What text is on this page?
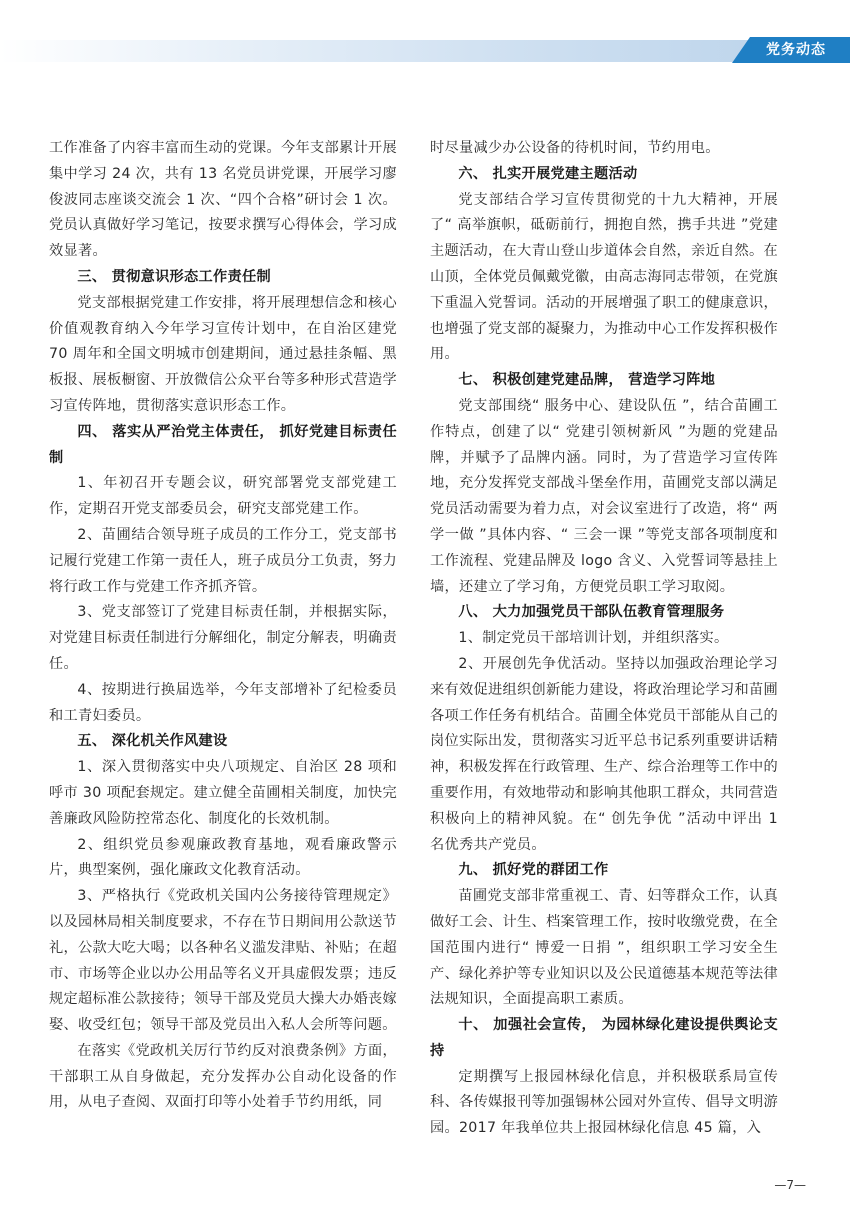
党务动态

工作准备了内容丰富而生动的党课。今年支部累计开展集中学习 24 次，共有 13 名党员讲党课，开展学习廖俊波同志座谈交流会 1 次、“四个合格”研讨会 1 次。党员认真做好学习笔记，按要求撰写心得体会，学习成效显著。

三、 贯彻意识形态工作责任制

党支部根据党建工作安排，将开展理想信念和核心价值观教育纳入今年学习宣传计划中，在自治区建党 70 周年和全国文明城市创建期间，通过悬挂条幅、黑板报、展板橱窗、开放微信公众平台等多种形式营造学习宣传阵地，贯彻落实意识形态工作。

四、 落实从严治党主体责任， 抓好党建目标责任制

1、年初召开专题会议，研究部署党支部党建工作，定期召开党支部委员会，研究支部党建工作。

2、苗圃结合领导班子成员的工作分工，党支部书记履行党建工作第一责任人，班子成员分工负责，努力将行政工作与党建工作齐抓齐管。

3、党支部签订了党建目标责任制，并根据实际，对党建目标责任制进行分解细化，制定分解表，明确责任。

4、按期进行换届选举，今年支部增补了纪检委员和工青妇委员。

五、 深化机关作风建设

1、深入贯彻落实中央八项规定、自治区 28 项和呼市 30 项配套规定。建立健全苗圃相关制度，加快完善廉政风险防控常态化、制度化的长效机制。

2、组织党员参观廉政教育基地，观看廉政警示片，典型案例，强化廉政文化教育活动。

3、严格执行《党政机关国内公务接待管理规定》以及园林局相关制度要求，不存在节日期间用公款送节礼，公款大吃大喝；以各种名义滥发津贴、补贴；在超市、市场等企业以办公用品等名义开具虚假发票；违反规定超标准公款接待；领导干部及党员大操大办婚丧嫁娶、收受红包；领导干部及党员出入私人会所等问题。

在落实《党政机关厉行节约反对浪费条例》方面，干部职工从自身做起，充分发挥办公自动化设备的作用，从电子查阅、双面打印等小处着手节约用纸，同

时尽量减少办公设备的待机时间，节约用电。

六、 扎实开展党建主题活动

党支部结合学习宣传贯彻党的十九大精神，开展了“ 高举旗帜，砥砺前行，拥抱自然，携手共进 ”党建主题活动，在大青山登山步道体会自然，亲近自然。在山顶，全体党员佩戴党徽，由高志海同志带领，在党旗下重温入党誓词。活动的开展增强了职工的健康意识，也增强了党支部的凝聚力，为推动中心工作发挥积极作用。

七、 积极创建党建品牌， 营造学习阵地

党支部围绕“ 服务中心、建设队伍 ”，结合苗圃工作特点，创建了以“ 党建引领树新风 ”为题的党建品牌，并赋予了品牌内涵。同时，为了营造学习宣传阵地，充分发挥党支部战斗堡垒作用，苗圃党支部以满足党员活动需要为着力点，对会议室进行了改造，将“ 两学一做 ”具体内容、“ 三会一课 ”等党支部各项制度和工作流程、党建品牌及 logo 含义、入党誓词等悬挂上墙，还建立了学习角，方便党员职工学习取阅。

八、 大力加强党员干部队伍教育管理服务

1、制定党员干部培训计划，并组织落实。

2、开展创先争优活动。坚持以加强政治理论学习来有效促进组织创新能力建设，将政治理论学习和苗圃各项工作任务有机结合。苗圃全体党员干部能从自己的岗位实际出发，贯彻落实习近平总书记系列重要讲话精神，积极发挥在行政管理、生产、综合治理等工作中的重要作用，有效地带动和影响其他职工群众，共同营造积极向上的精神风貌。在“ 创先争优 ”活动中评出 1 名优秀共产党员。

九、 抓好党的群团工作

苗圃党支部非常重视工、青、妇等群众工作，认真做好工会、计生、档案管理工作，按时收缴党费，在全国范围内进行“ 博爱一日捐 ”，组织职工学习安全生产、绿化养护等专业知识以及公民道德基本规范等法律法规知识，全面提高职工素质。

十、 加强社会宣传， 为园林绿化建设提供舆论支持

定期撰写上报园林绿化信息，并积极联系局宣传科、各传媒报刊等加强锡林公园对外宣传、倡导文明游园。2017 年我单位共上报园林绿化信息 45 篇，入

—7—
